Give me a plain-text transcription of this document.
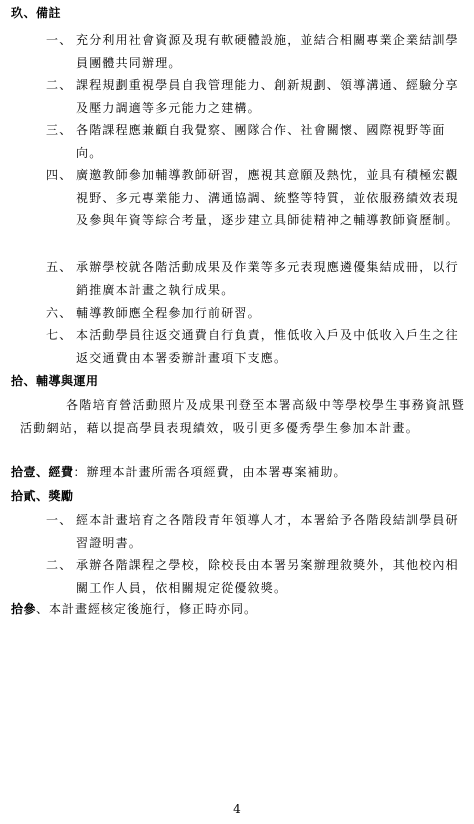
玖、備註
一、 充分利用社會資源及現有軟硬體設施，並結合相關專業企業結訓學員團體共同辦理。
二、 課程規劃重視學員自我管理能力、創新規劃、領導溝通、經驗分享及壓力調適等多元能力之建構。
三、 各階課程應兼顧自我覺察、團隊合作、社會關懷、國際視野等面向。
四、 廣邀教師參加輔導教師研習，應視其意願及熱忱，並具有積極宏觀視野、多元專業能力、溝通協調、統整等特質，並依服務績效表現及參與年資等綜合考量，逐步建立具師徒精神之輔導教師資歷制。
五、 承辦學校就各階活動成果及作業等多元表現應遴優集結成冊，以行銷推廣本計畫之執行成果。
六、 輔導教師應全程參加行前研習。
七、 本活動學員往返交通費自行負責，惟低收入戶及中低收入戶生之往返交通費由本署委辦計畫項下支應。
拾、輔導與運用
各階培育營活動照片及成果刊登至本署高級中等學校學生事務資訊暨活動網站，藉以提高學員表現績效，吸引更多優秀學生參加本計畫。
拾壹、經費：辦理本計畫所需各項經費，由本署專案補助。
拾貳、獎勵
一、 經本計畫培育之各階段青年領導人才，本署給予各階段結訓學員研習證明書。
二、 承辦各階課程之學校，除校長由本署另案辦理敘獎外，其他校內相關工作人員，依相關規定從優敘獎。
拾參、本計畫經核定後施行，修正時亦同。
4
